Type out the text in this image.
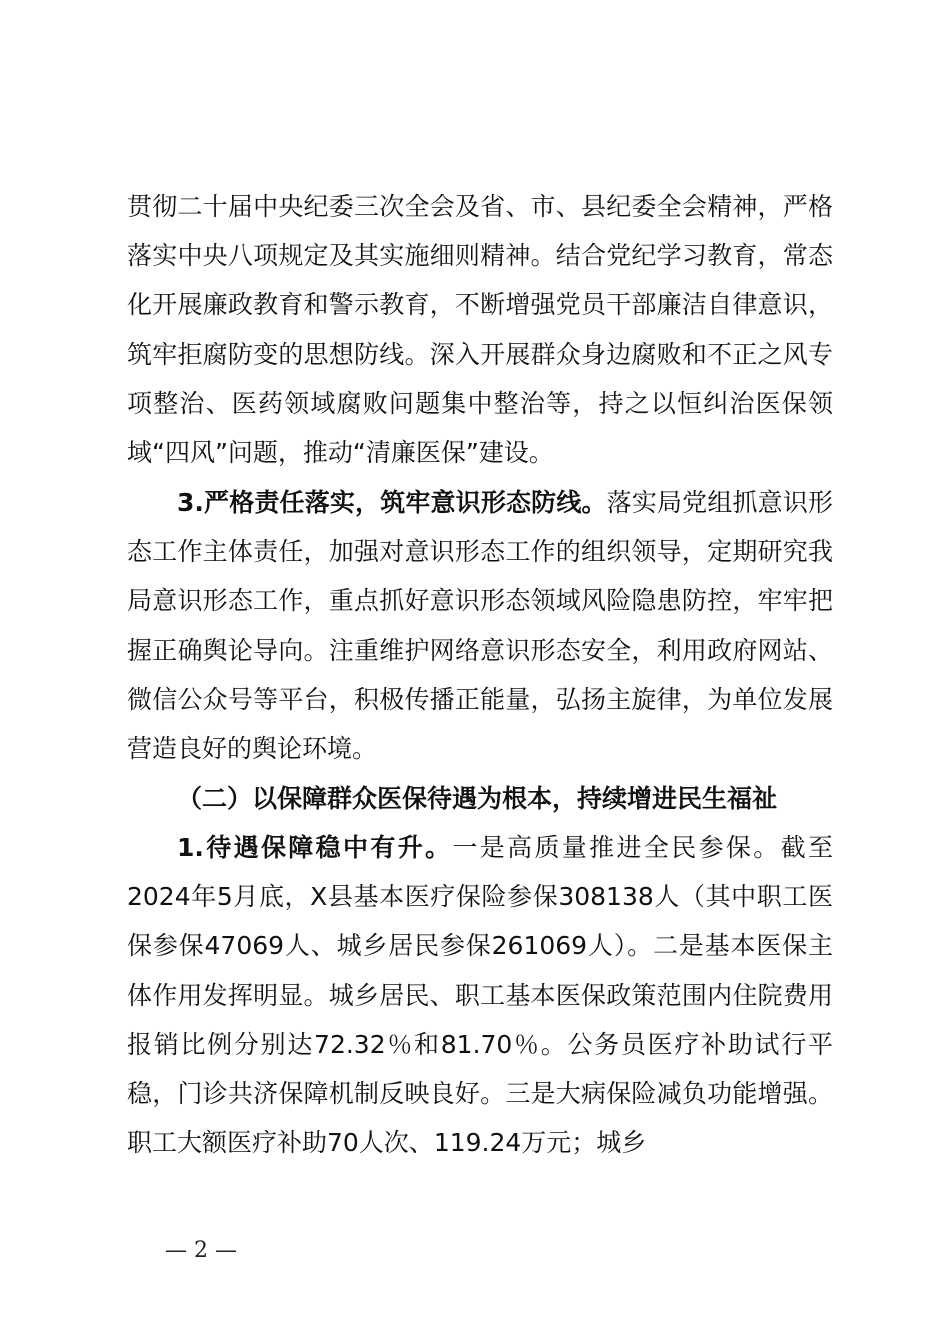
贯彻二十届中央纪委三次全会及省、市、县纪委全会精神，严格落实中央八项规定及其实施细则精神。结合党纪学习教育，常态化开展廉政教育和警示教育，不断增强党员干部廉洁自律意识，筑牢拒腐防变的思想防线。深入开展群众身边腐败和不正之风专项整治、医药领域腐败问题集中整治等，持之以恒纠治医保领域“四风”问题，推动“清廉医保”建设。

3.严格责任落实，筑牢意识形态防线。落实局党组抓意识形态工作主体责任，加强对意识形态工作的组织领导，定期研究我局意识形态工作，重点抓好意识形态领域风险隐患防控，牢牢把握正确舆论导向。注重维护网络意识形态安全，利用政府网站、微信公众号等平台，积极传播正能量，弘扬主旋律，为单位发展营造良好的舆论环境。

（二）以保障群众医保待遇为根本，持续增进民生福祉

1.待遇保障稳中有升。一是高质量推进全民参保。截至2024年5月底，X县基本医疗保险参保308138人（其中职工医保参保47069人、城乡居民参保261069人）。二是基本医保主体作用发挥明显。城乡居民、职工基本医保政策范围内住院费用报销比例分别达72.32％和81.70％。公务员医疗补助试行平稳，门诊共济保障机制反映良好。三是大病保险减负功能增强。职工大额医疗补助70人次、119.24万元；城乡

— 2 —
